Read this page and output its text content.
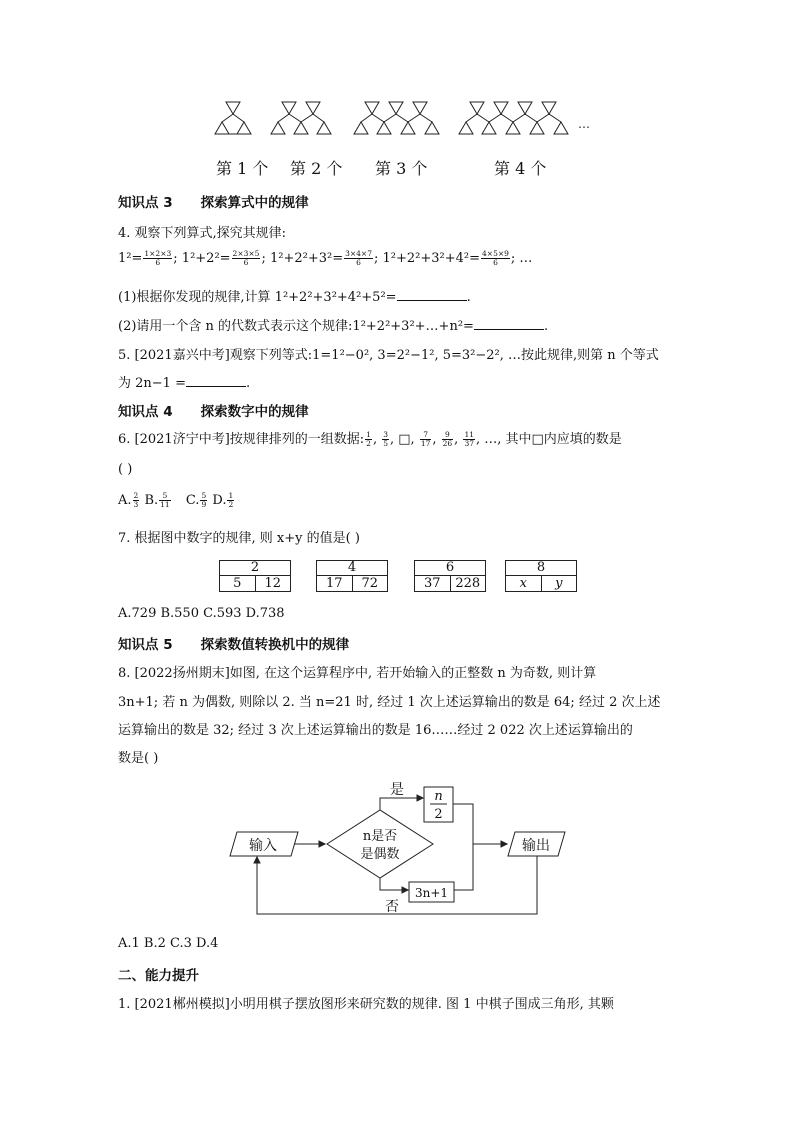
…
第 1 个 第 2 个 第 3 个	第 4 个
知识点 3 探索算式中的规律
4. 观察下列算式,探究其规律:
$1^2= \frac{1\times 2\times 3}{6}$ ; $1^2+2^2= \frac{2\times 3\times 5}{6}$ ; $1^2+2^2+3^2= \frac{3\times 4\times 7}{6}$ ; $1^2+2^2+3^2+4^2= \frac{4\times 5\times 9}{6}$ ; …
(1)根据你发现的规律,计算 1²+2²+3²+4²+5²=	.
(2)请用一个含 n 的代数式表示这个规律:1²+2²+3²+…+n²=	.
5. [2021嘉兴中考]观察下列等式:1=1²−0², 3=2²−1², 5=3²−2², …按此规律,则第 n 个等式
为 2n−1 =	.
知识点 4 探索数字中的规律
6. [2021济宁中考]按规律排列的一组数据: $\frac{1}{2}$ , $\frac{3}{5}$ , □, $\frac{7}{17}$ , $\frac{9}{26}$ , $\frac{11}{37}$ , …, 其中□内应填的数是
( )
A. $\frac{2}{3} B$. $\frac{5}{11} C$. $\frac{5}{9} D$. $\frac{1}{2}$
7. 根据图中数字的规律, 则 x+y 的值是( )
2
5	12
4
17	72
6
37	228
8
x	y
A.729 B.550 C.593 D.738
知识点 5 探索数值转换机中的规律
8. [2022扬州期末]如图, 在这个运算程序中, 若开始输入的正整数 n 为奇数, 则计算
3n+1; 若 n 为偶数, 则除以 2. 当 n=21 时, 经过 1 次上述运算输出的数是 64; 经过 2 次上述
运算输出的数是 32; 经过 3 次上述运算输出的数是 16……经过 2 022 次上述运算输出的
数是( )
输入
n是否
是偶数
是
否
n
2
3n+1
输出
A.1 B.2 C.3 D.4
二、能力提升
1. [2021郴州模拟]小明用棋子摆放图形来研究数的规律. 图 1 中棋子围成三角形, 其颗
